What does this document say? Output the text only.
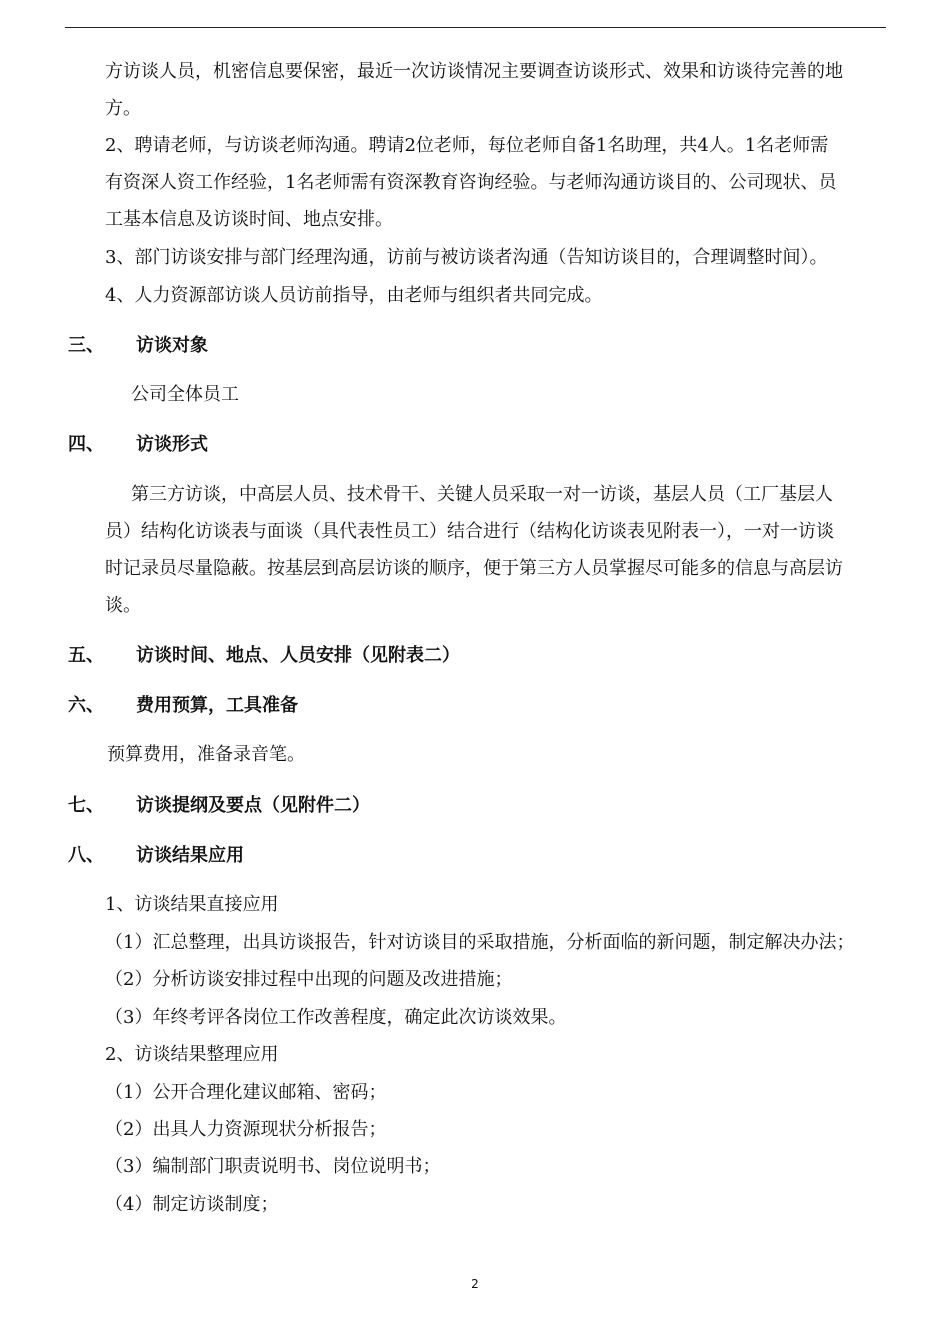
方访谈人员，机密信息要保密，最近一次访谈情况主要调查访谈形式、效果和访谈待完善的地
方。
2、聘请老师，与访谈老师沟通。聘请2位老师，每位老师自备1名助理，共4人。1名老师需
有资深人资工作经验，1名老师需有资深教育咨询经验。与老师沟通访谈目的、公司现状、员
工基本信息及访谈时间、地点安排。
3、部门访谈安排与部门经理沟通，访前与被访谈者沟通（告知访谈目的，合理调整时间）。
4、人力资源部访谈人员访前指导，由老师与组织者共同完成。
三、 访谈对象
公司全体员工
四、 访谈形式
第三方访谈，中高层人员、技术骨干、关键人员采取一对一访谈，基层人员（工厂基层人
员）结构化访谈表与面谈（具代表性员工）结合进行（结构化访谈表见附表一），一对一访谈
时记录员尽量隐蔽。按基层到高层访谈的顺序，便于第三方人员掌握尽可能多的信息与高层访
谈。
五、 访谈时间、地点、人员安排（见附表二）
六、 费用预算，工具准备
预算费用，准备录音笔。
七、 访谈提纲及要点（见附件二）
八、 访谈结果应用
1、访谈结果直接应用
（1）汇总整理，出具访谈报告，针对访谈目的采取措施，分析面临的新问题，制定解决办法；
（2）分析访谈安排过程中出现的问题及改进措施；
（3）年终考评各岗位工作改善程度，确定此次访谈效果。
2、访谈结果整理应用
（1）公开合理化建议邮箱、密码；
（2）出具人力资源现状分析报告；
（3）编制部门职责说明书、岗位说明书；
（4）制定访谈制度；
2
